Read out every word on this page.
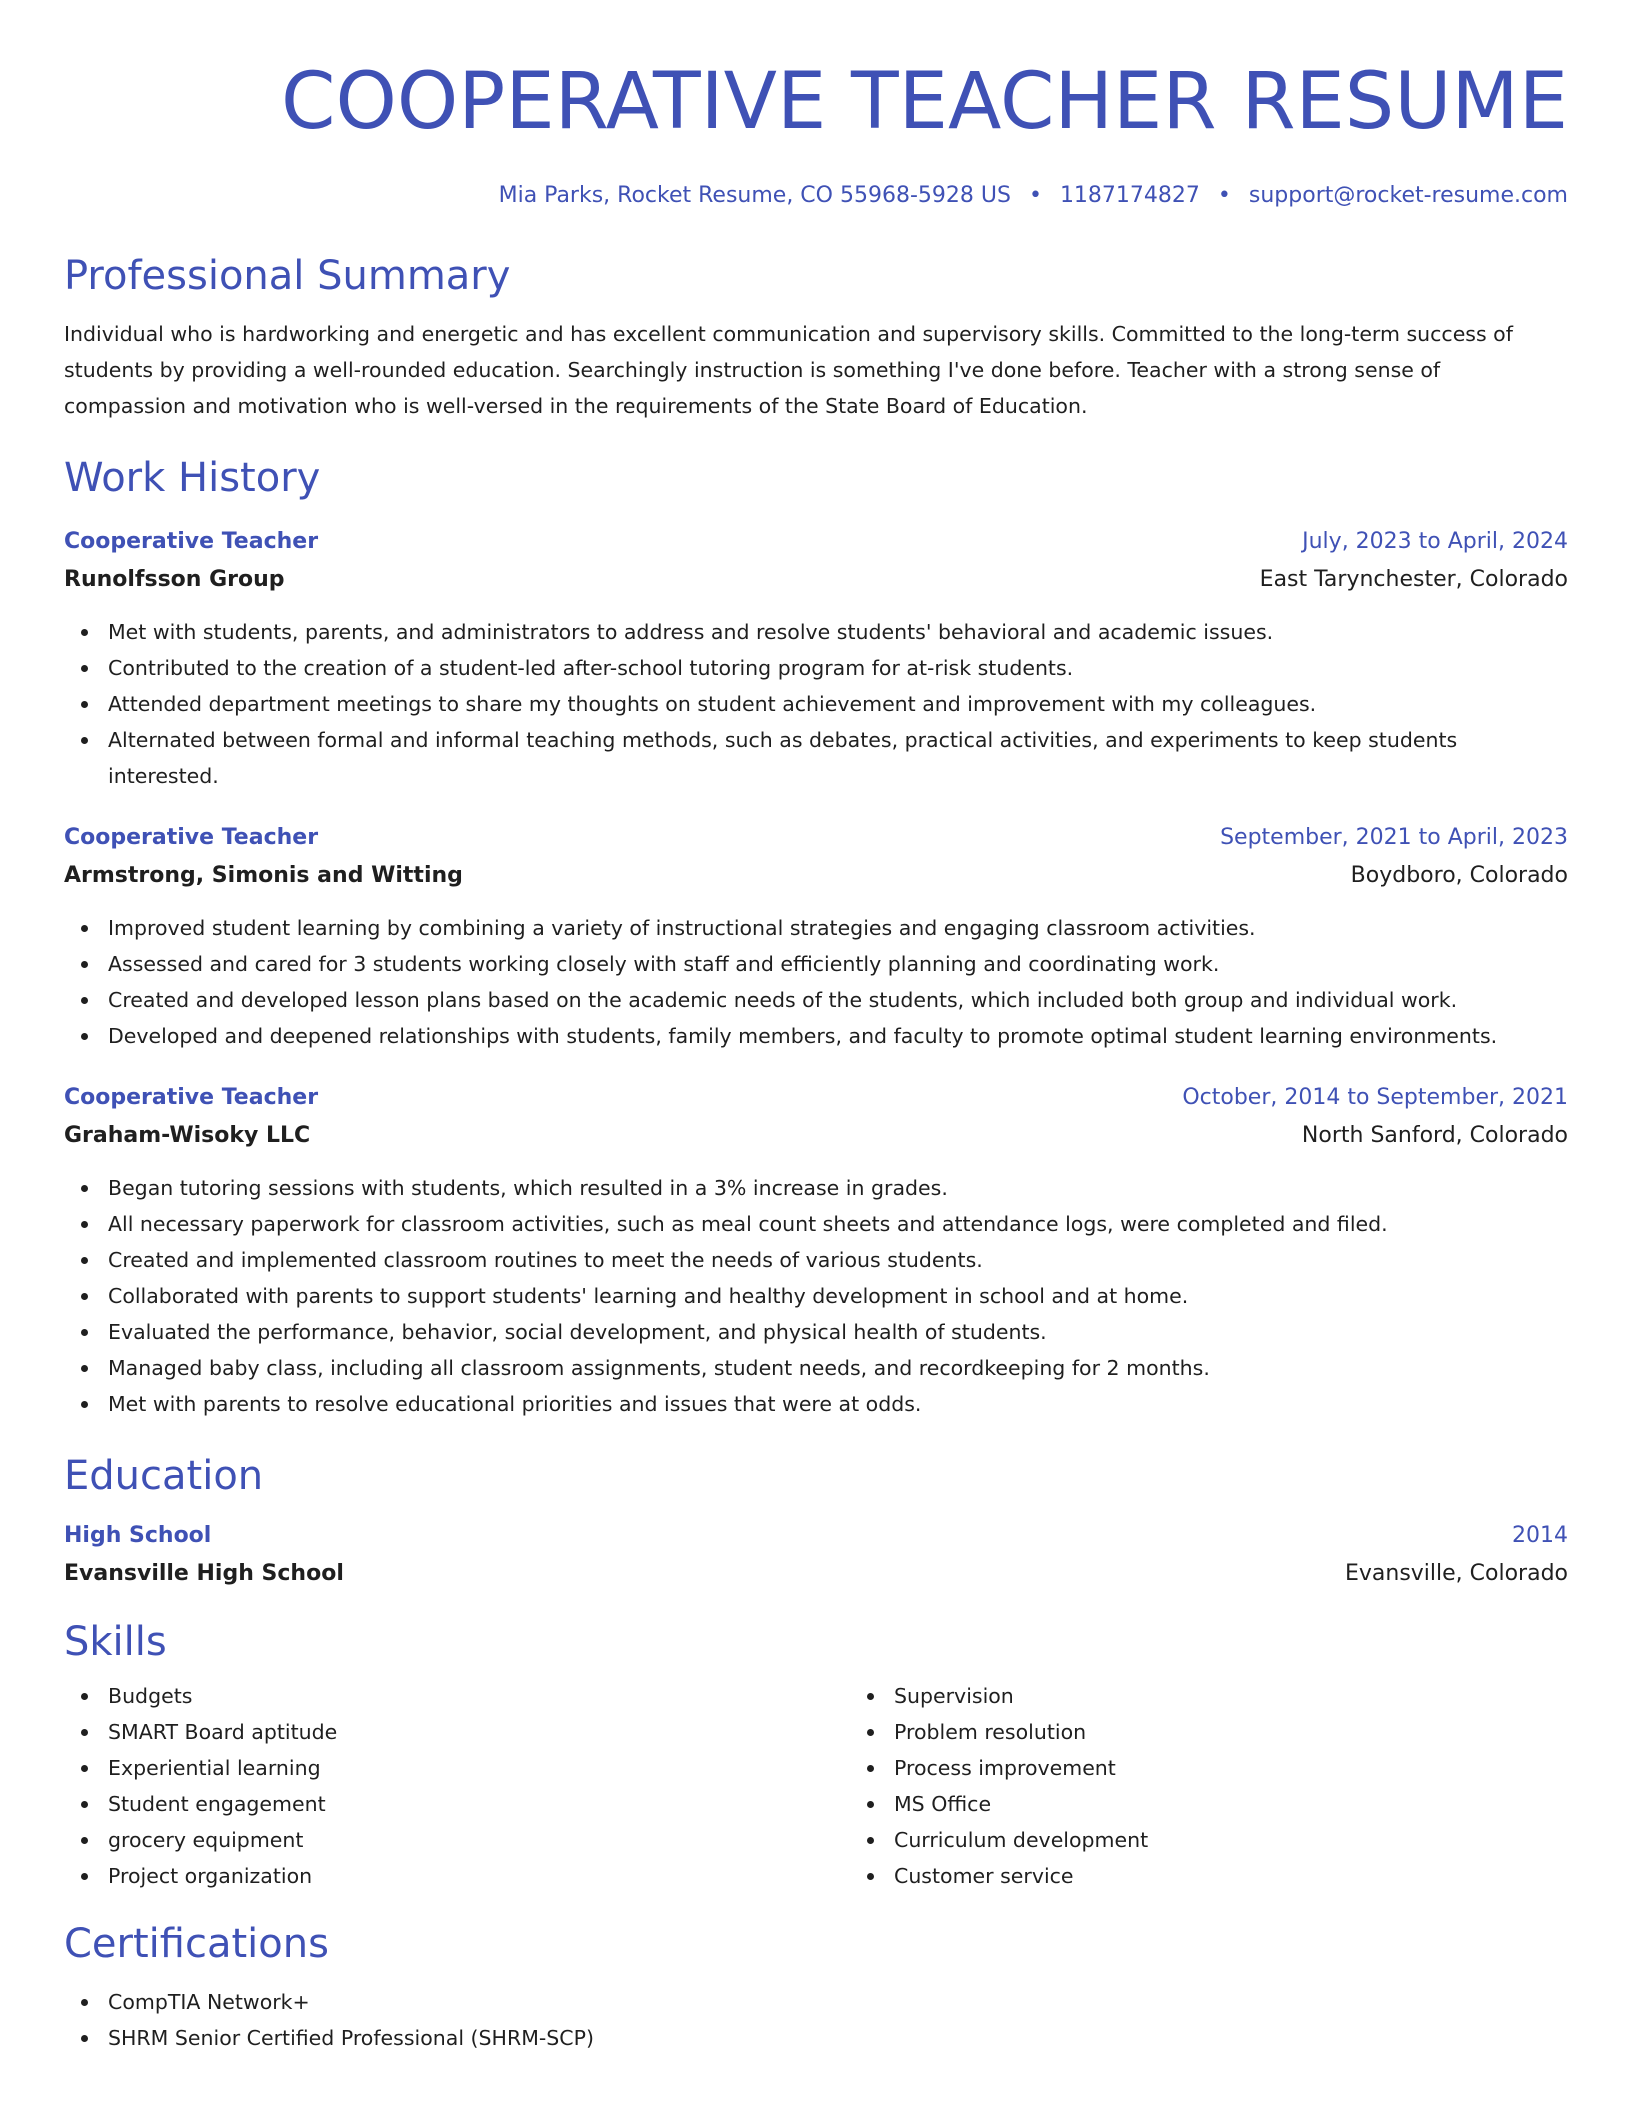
COOPERATIVE TEACHER RESUME
Mia Parks, Rocket Resume, CO 55968-5928 US • 1187174827 • support@rocket-resume.com
Professional Summary
Individual who is hardworking and energetic and has excellent communication and supervisory skills. Committed to the long-term success of students by providing a well-rounded education. Searchingly instruction is something I've done before. Teacher with a strong sense of compassion and motivation who is well-versed in the requirements of the State Board of Education.
Work History
Cooperative Teacher	July, 2023 to April, 2024
Runolfsson Group	East Tarynchester, Colorado
Met with students, parents, and administrators to address and resolve students' behavioral and academic issues.
Contributed to the creation of a student-led after-school tutoring program for at-risk students.
Attended department meetings to share my thoughts on student achievement and improvement with my colleagues.
Alternated between formal and informal teaching methods, such as debates, practical activities, and experiments to keep students interested.
Cooperative Teacher	September, 2021 to April, 2023
Armstrong, Simonis and Witting	Boydboro, Colorado
Improved student learning by combining a variety of instructional strategies and engaging classroom activities.
Assessed and cared for 3 students working closely with staff and efficiently planning and coordinating work.
Created and developed lesson plans based on the academic needs of the students, which included both group and individual work.
Developed and deepened relationships with students, family members, and faculty to promote optimal student learning environments.
Cooperative Teacher	October, 2014 to September, 2021
Graham-Wisoky LLC	North Sanford, Colorado
Began tutoring sessions with students, which resulted in a 3% increase in grades.
All necessary paperwork for classroom activities, such as meal count sheets and attendance logs, were completed and filed.
Created and implemented classroom routines to meet the needs of various students.
Collaborated with parents to support students' learning and healthy development in school and at home.
Evaluated the performance, behavior, social development, and physical health of students.
Managed baby class, including all classroom assignments, student needs, and recordkeeping for 2 months.
Met with parents to resolve educational priorities and issues that were at odds.
Education
High School	2014
Evansville High School	Evansville, Colorado
Skills
Budgets
SMART Board aptitude
Experiential learning
Student engagement
grocery equipment
Project organization
Supervision
Problem resolution
Process improvement
MS Office
Curriculum development
Customer service
Certifications
CompTIA Network+
SHRM Senior Certified Professional (SHRM-SCP)
